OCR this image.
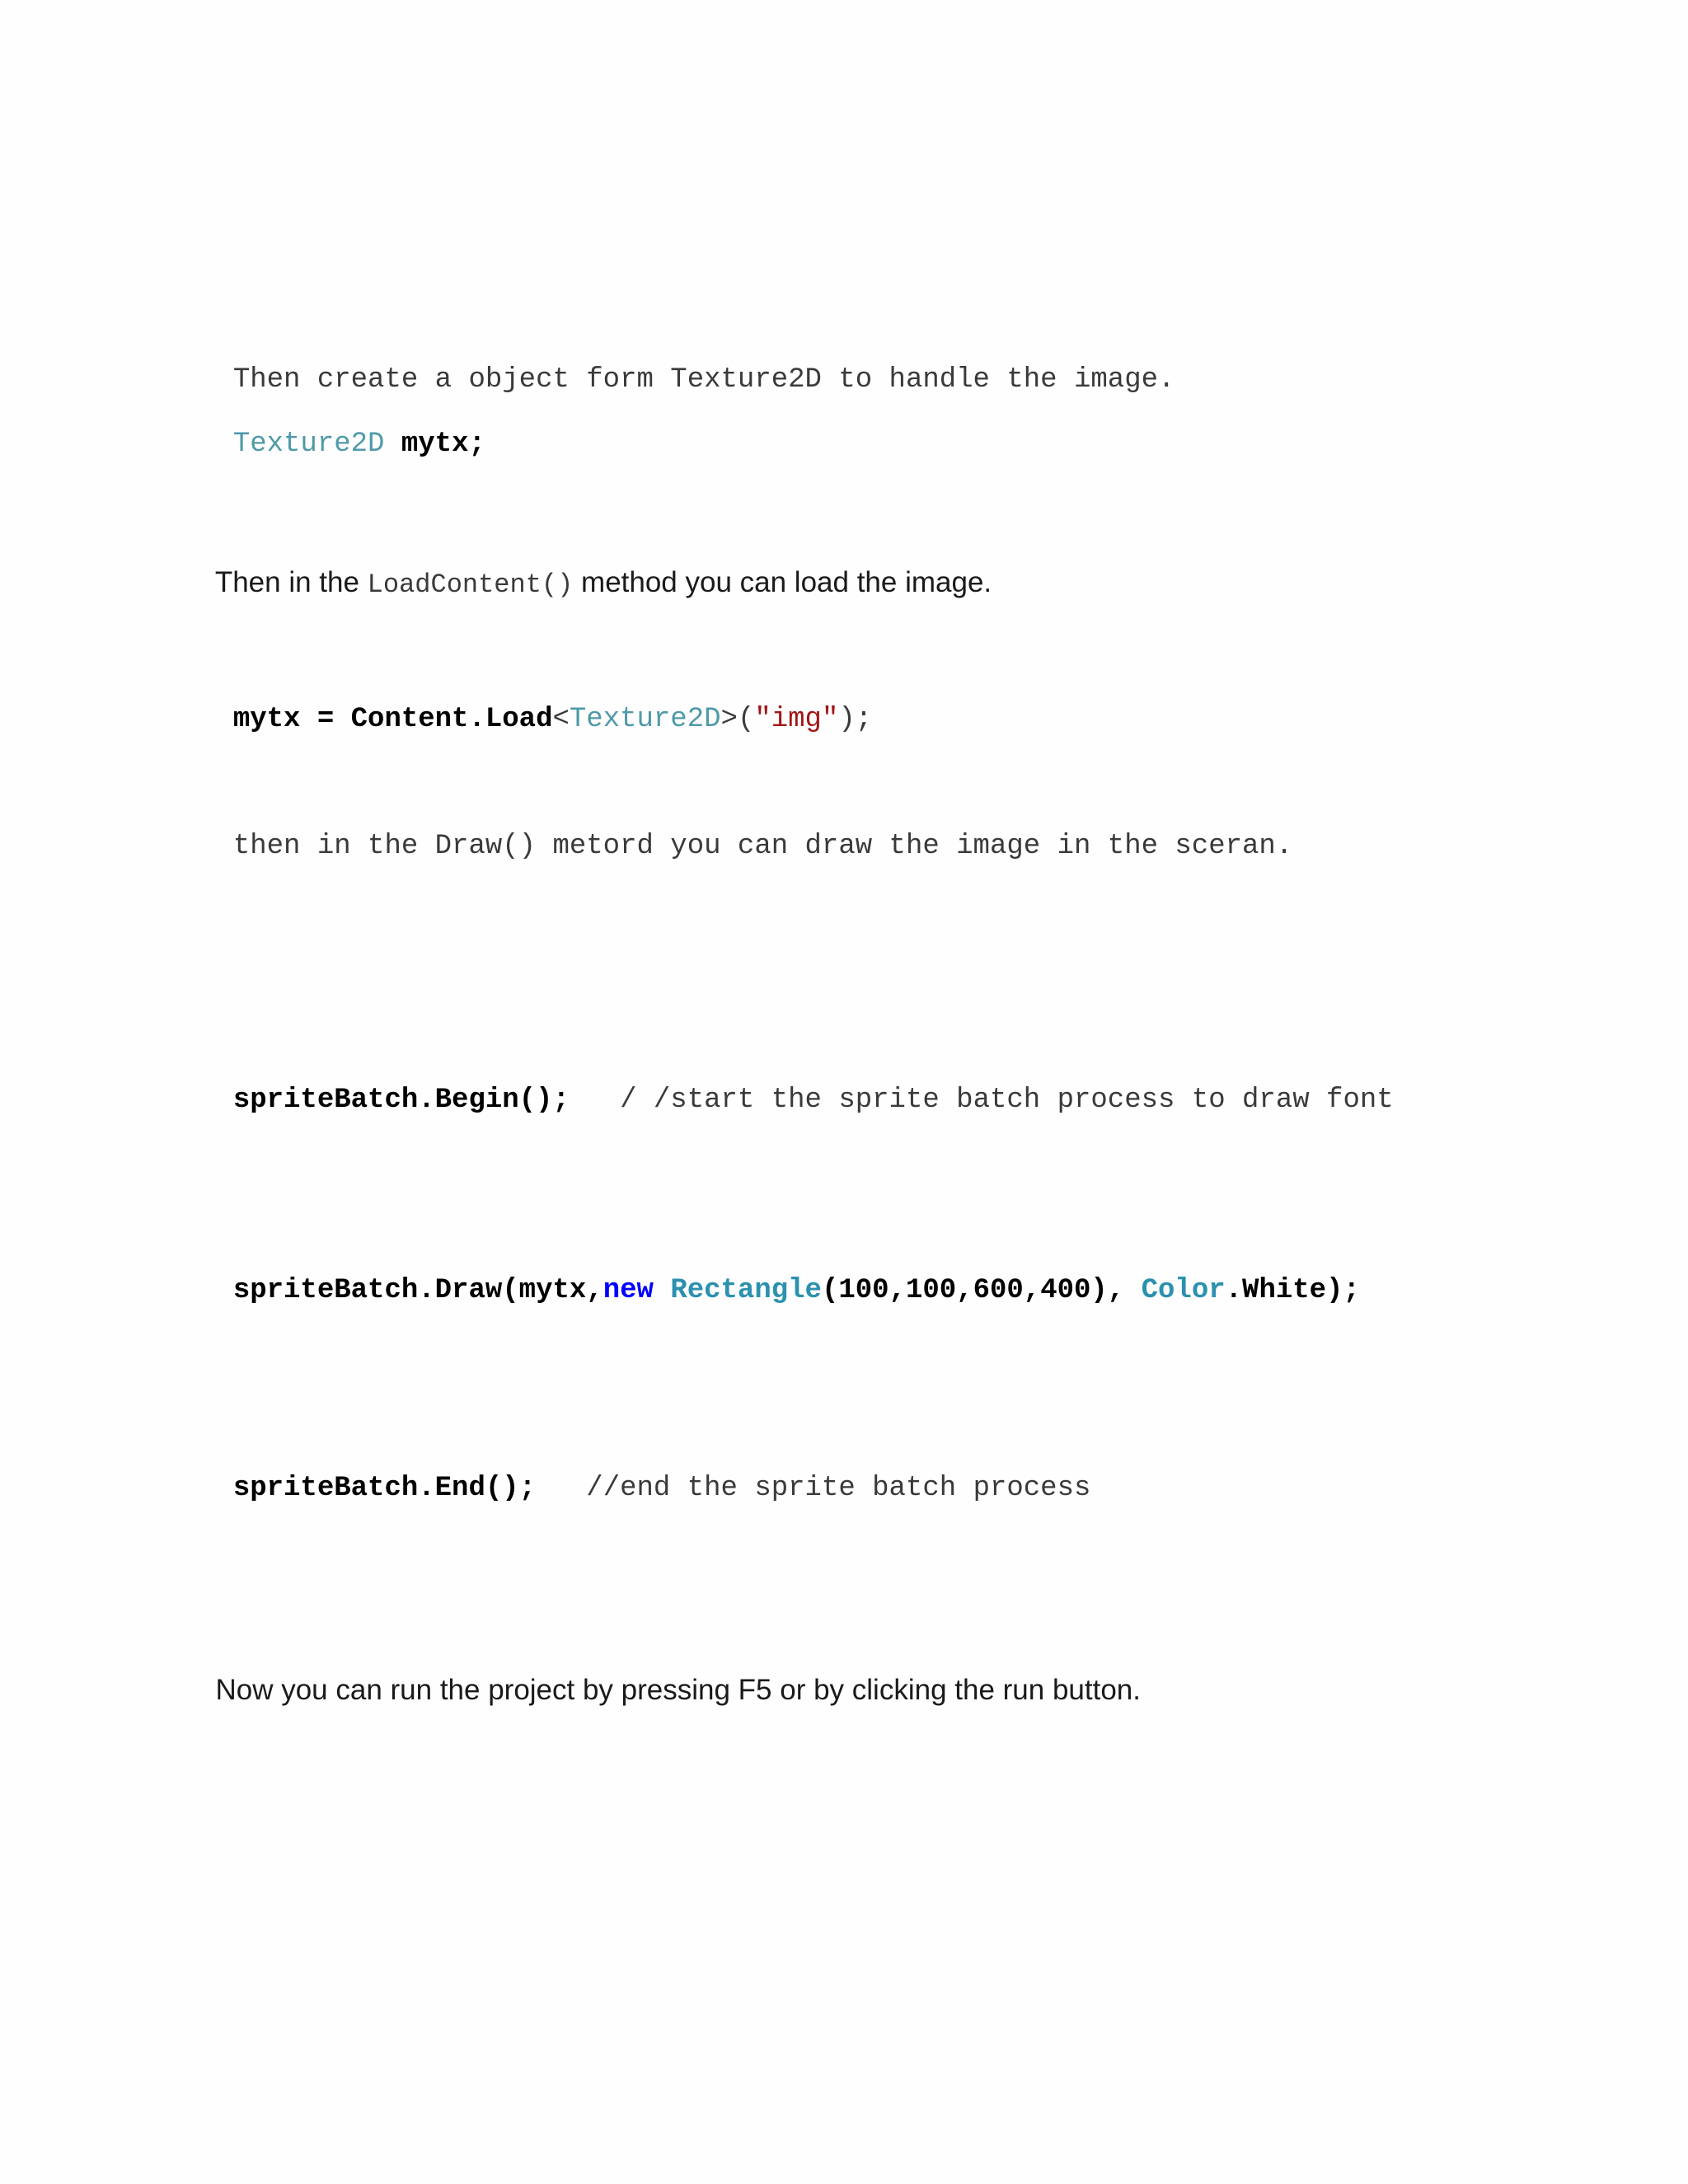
Then create a object form Texture2D to handle the image.

Texture2D mytx;

Then in the LoadContent() method you can load the image.

mytx = Content.Load<Texture2D>("img");

then in the Draw() metord you can draw the image in the sceran.

spriteBatch.Begin();   / /start the sprite batch process to draw font

spriteBatch.Draw(mytx,new Rectangle(100,100,600,400), Color.White);

spriteBatch.End();   //end the sprite batch process

Now you can run the project by pressing F5 or by clicking the run button.
